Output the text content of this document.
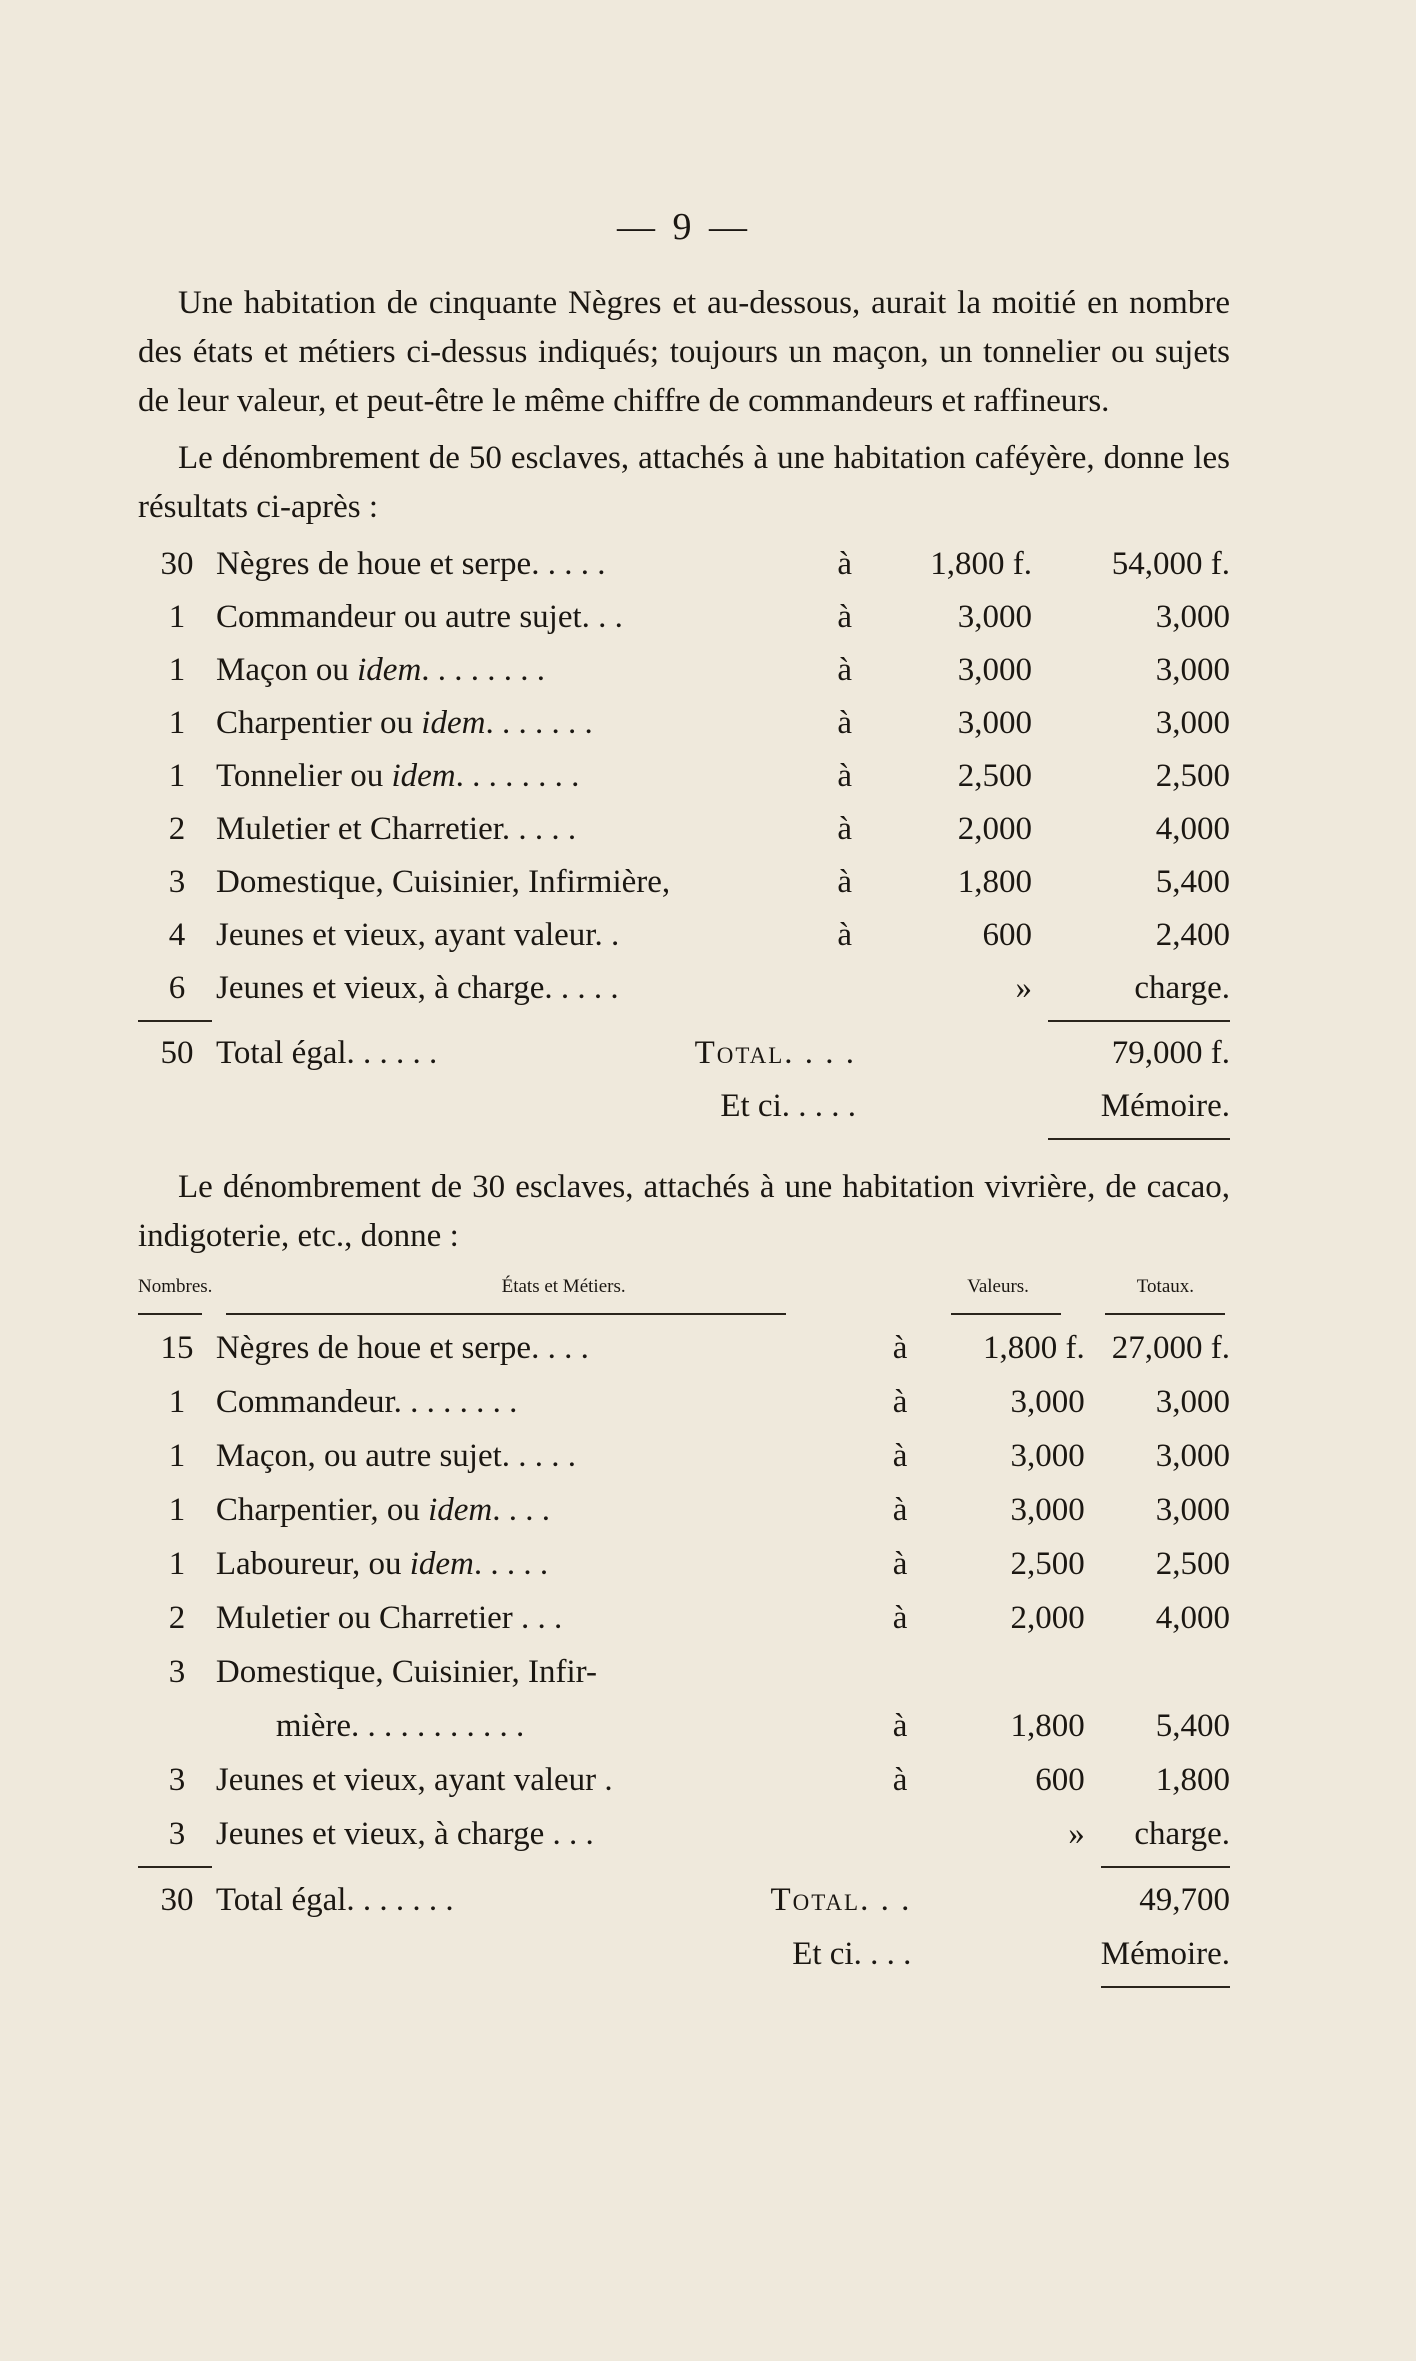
— 9 —

Une habitation de cinquante Nègres et au-dessous, aurait la moitié en nombre des états et métiers ci-dessus indiqués; toujours un maçon, un tonnelier ou sujets de leur valeur, et peut-être le même chiffre de commandeurs et raffineurs.

Le dénombrement de 50 esclaves, attachés à une habitation caféyère, donne les résultats ci-après :

30	Nègres de houe et serpe. . . . . à	1,800 f.	54,000 f.
1	Commandeur ou autre sujet. . . à	3,000	3,000
1	Maçon ou idem. . . . . . . . à	3,000	3,000
1	Charpentier ou idem. . . . . . . à	3,000	3,000
1	Tonnelier ou idem. . . . . . . . à	2,500	2,500
2	Muletier et Charretier. . . . . à	2,000	4,000
3	Domestique, Cuisinier, Infirmière, à	1,800	5,400
4	Jeunes et vieux, ayant valeur. . à	600	2,400
6	Jeunes et vieux, à charge. . . . .	»	charge.

50	Total égal. . . . . . Total. . . .		79,000 f.

	Et ci. . . . .		Mémoire.

Le dénombrement de 30 esclaves, attachés à une habitation vivrière, de cacao, indigoterie, etc., donne :

Nombres.	États et Métiers.	Valeurs.	Totaux.

15	Nègres de houe et serpe. . . . à	1,800 f.	27,000 f.
1	Commandeur. . . . . . . . à	3,000	3,000
1	Maçon, ou autre sujet. . . . . à	3,000	3,000
1	Charpentier, ou idem. . . . à	3,000	3,000
1	Laboureur, ou idem. . . . . à	2,500	2,500
2	Muletier ou Charretier . . . à	2,000	4,000
3	Domestique, Cuisinier, Infir-

	mière. . . . . . . . . . . à	1,800	5,400
3	Jeunes et vieux, ayant valeur . à	600	1,800
3	Jeunes et vieux, à charge . . .	»	charge.

30	Total égal. . . . . . . Total. . .		49,700

	Et ci. . . .		Mémoire.
